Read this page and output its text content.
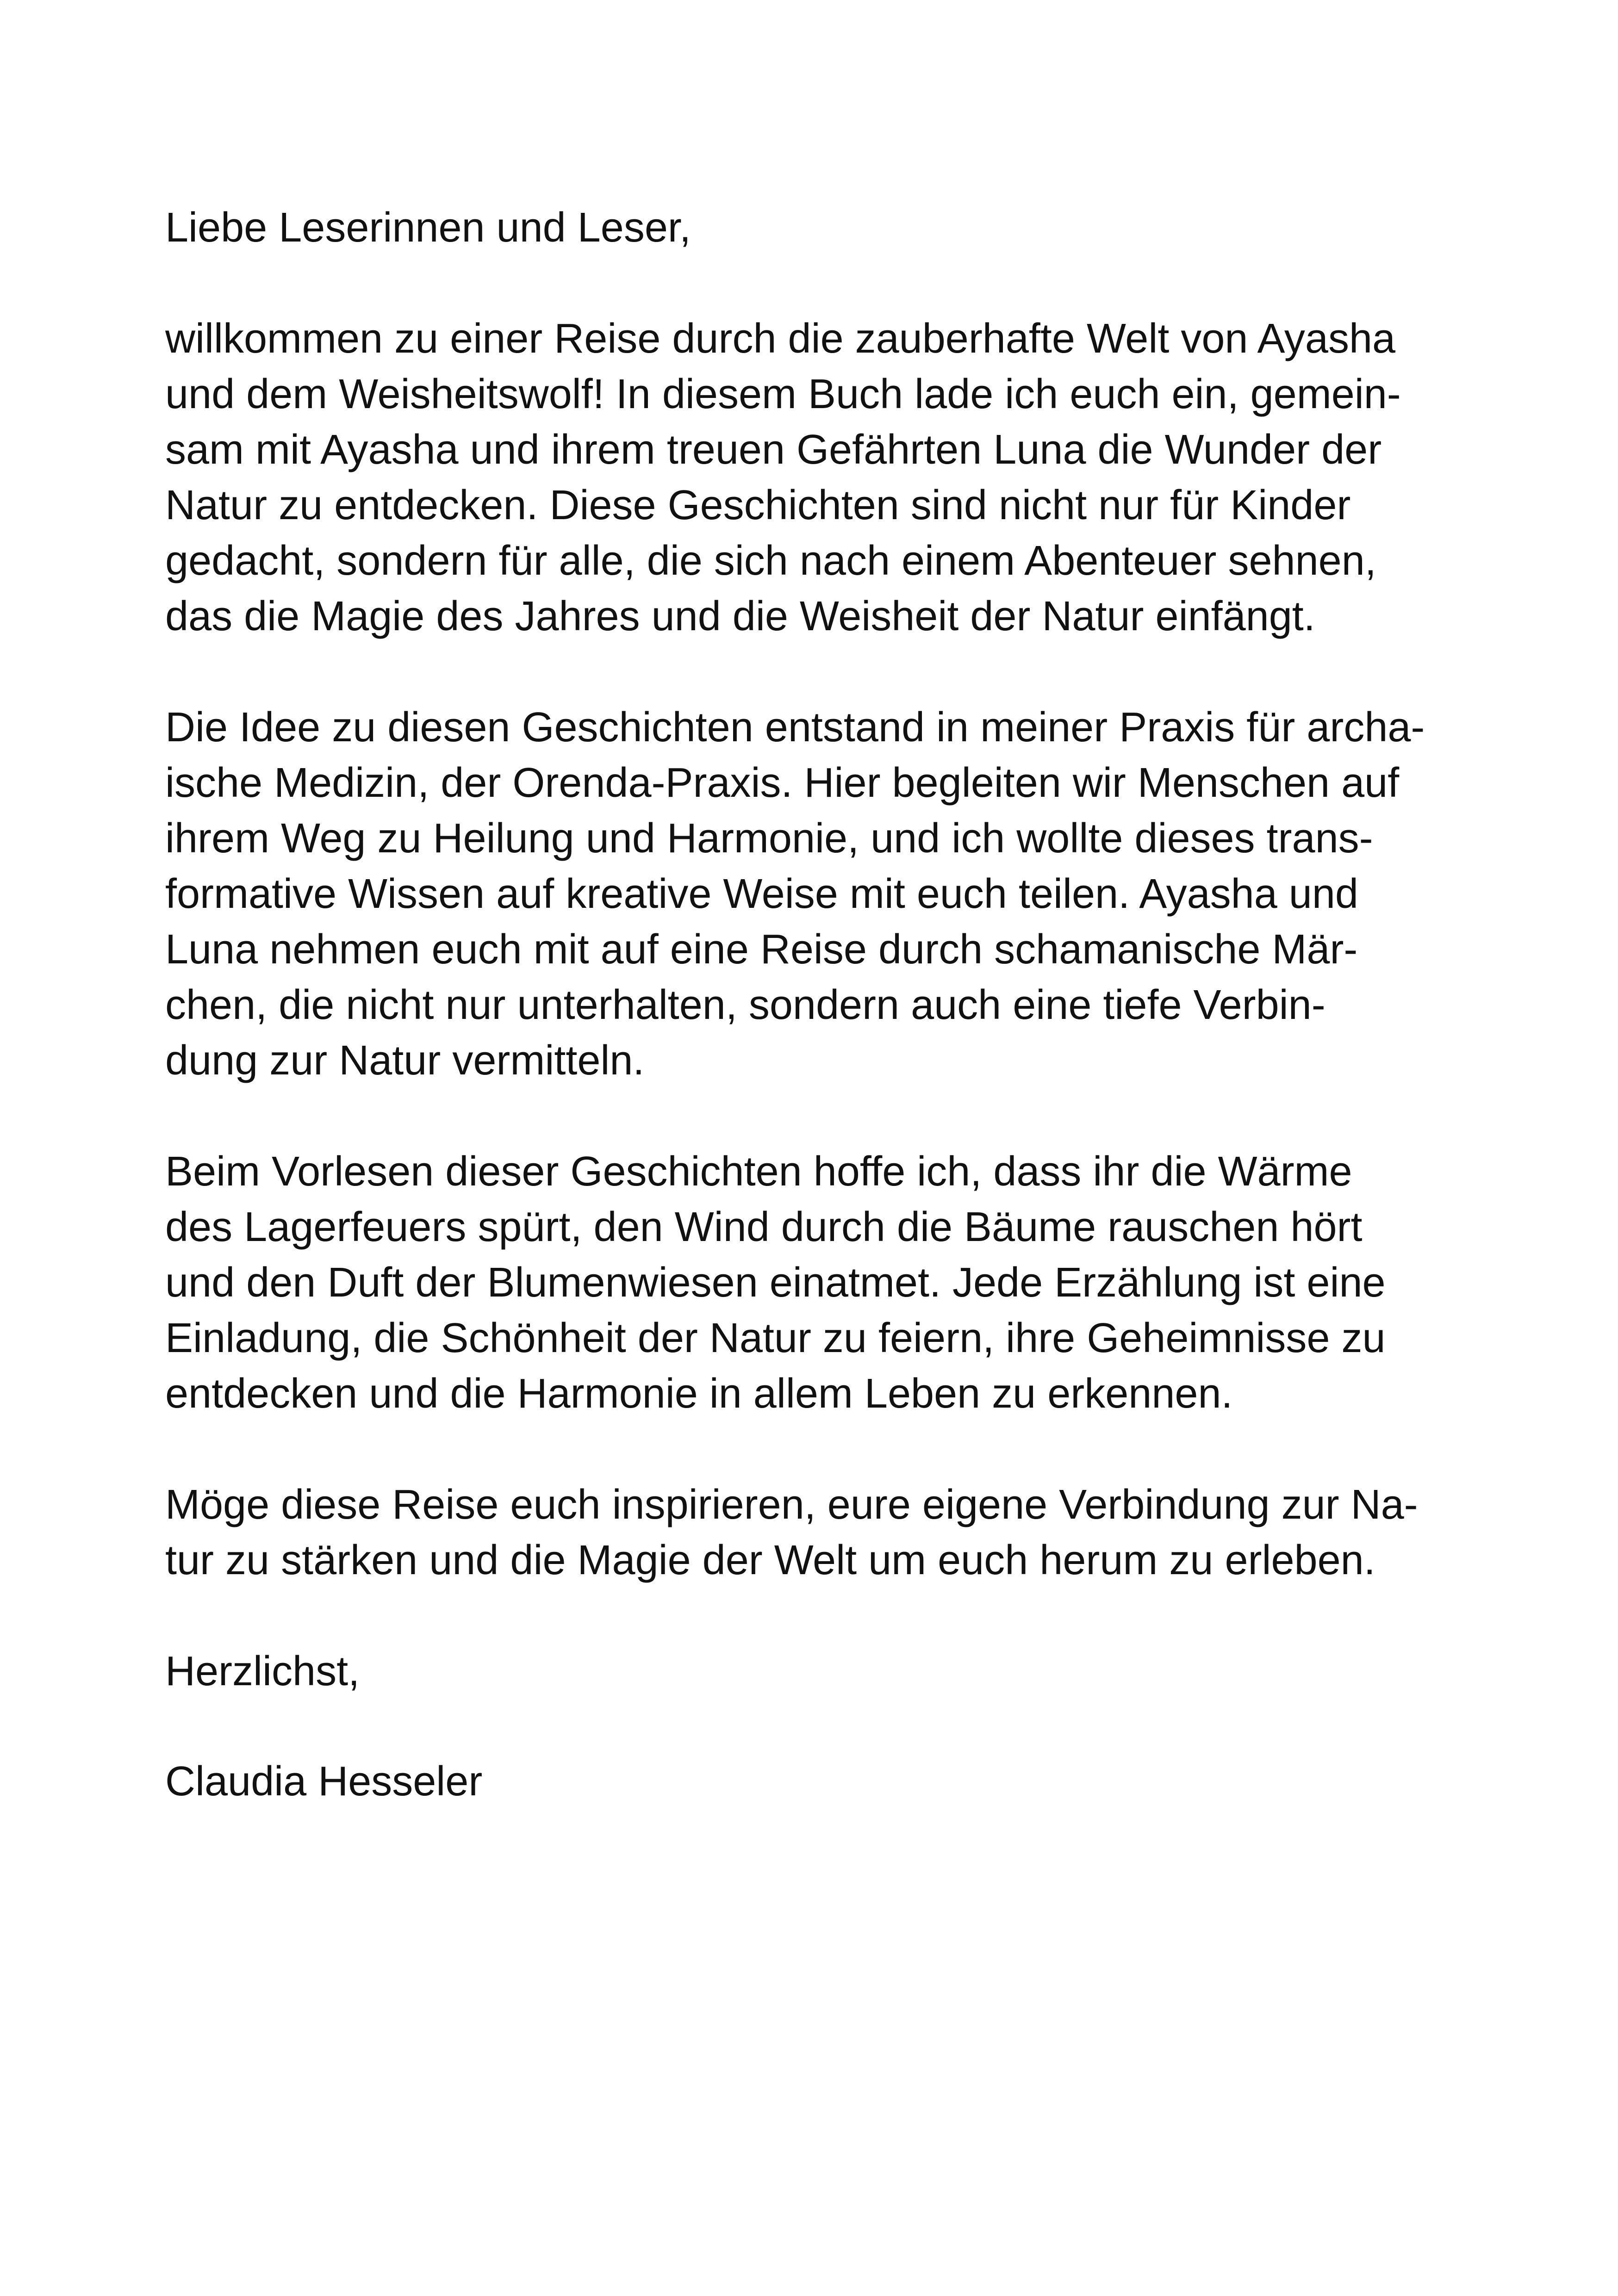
Liebe Leserinnen und Leser,
willkommen zu einer Reise durch die zauberhafte Welt von Ayasha
und dem Weisheitswolf! In diesem Buch lade ich euch ein, gemein-
sam mit Ayasha und ihrem treuen Gefährten Luna die Wunder der
Natur zu entdecken. Diese Geschichten sind nicht nur für Kinder
gedacht, sondern für alle, die sich nach einem Abenteuer sehnen,
das die Magie des Jahres und die Weisheit der Natur einfängt.
Die Idee zu diesen Geschichten entstand in meiner Praxis für archa-
ische Medizin, der Orenda-Praxis. Hier begleiten wir Menschen auf
ihrem Weg zu Heilung und Harmonie, und ich wollte dieses trans-
formative Wissen auf kreative Weise mit euch teilen. Ayasha und
Luna nehmen euch mit auf eine Reise durch schamanische Mär-
chen, die nicht nur unterhalten, sondern auch eine tiefe Verbin-
dung zur Natur vermitteln.
Beim Vorlesen dieser Geschichten hoffe ich, dass ihr die Wärme
des Lagerfeuers spürt, den Wind durch die Bäume rauschen hört
und den Duft der Blumenwiesen einatmet. Jede Erzählung ist eine
Einladung, die Schönheit der Natur zu feiern, ihre Geheimnisse zu
entdecken und die Harmonie in allem Leben zu erkennen.
Möge diese Reise euch inspirieren, eure eigene Verbindung zur Na-
tur zu stärken und die Magie der Welt um euch herum zu erleben.
Herzlichst,
Claudia Hesseler
